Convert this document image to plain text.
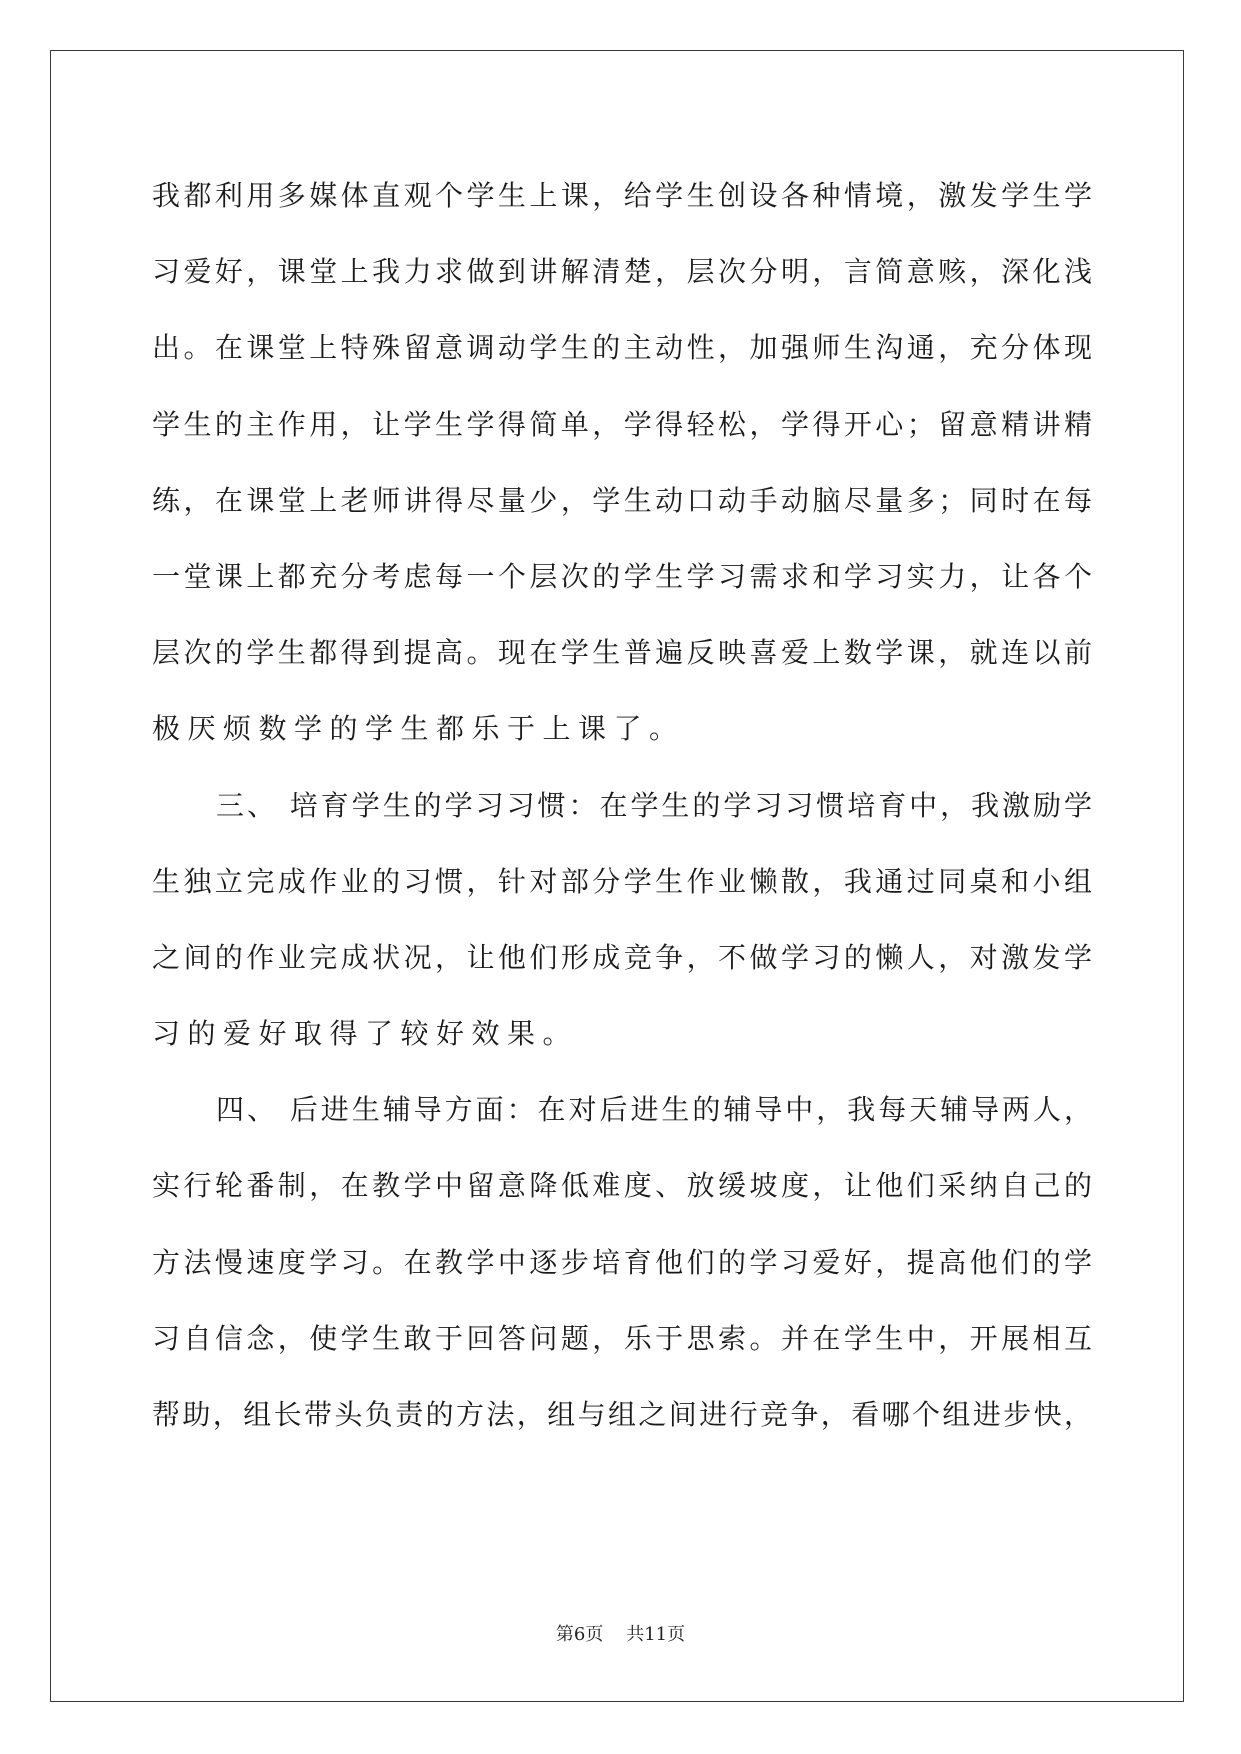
我都利用多媒体直观个学生上课，给学生创设各种情境，激发学生学
习爱好，课堂上我力求做到讲解清楚，层次分明，言简意赅，深化浅
出。在课堂上特殊留意调动学生的主动性，加强师生沟通，充分体现
学生的主作用，让学生学得简单，学得轻松，学得开心；留意精讲精
练，在课堂上老师讲得尽量少，学生动口动手动脑尽量多；同时在每
一堂课上都充分考虑每一个层次的学生学习需求和学习实力，让各个
层次的学生都得到提高。现在学生普遍反映喜爱上数学课，就连以前
极厌烦数学的学生都乐于上课了。
三、 培育学生的学习习惯：在学生的学习习惯培育中，我激励学
生独立完成作业的习惯，针对部分学生作业懒散，我通过同桌和小组
之间的作业完成状况，让他们形成竞争，不做学习的懒人，对激发学
习的爱好取得了较好效果。
四、 后进生辅导方面：在对后进生的辅导中，我每天辅导两人，
实行轮番制，在教学中留意降低难度、放缓坡度，让他们采纳自己的
方法慢速度学习。在教学中逐步培育他们的学习爱好，提高他们的学
习自信念，使学生敢于回答问题，乐于思索。并在学生中，开展相互
帮助，组长带头负责的方法，组与组之间进行竞争，看哪个组进步快，
第6页 共11页
